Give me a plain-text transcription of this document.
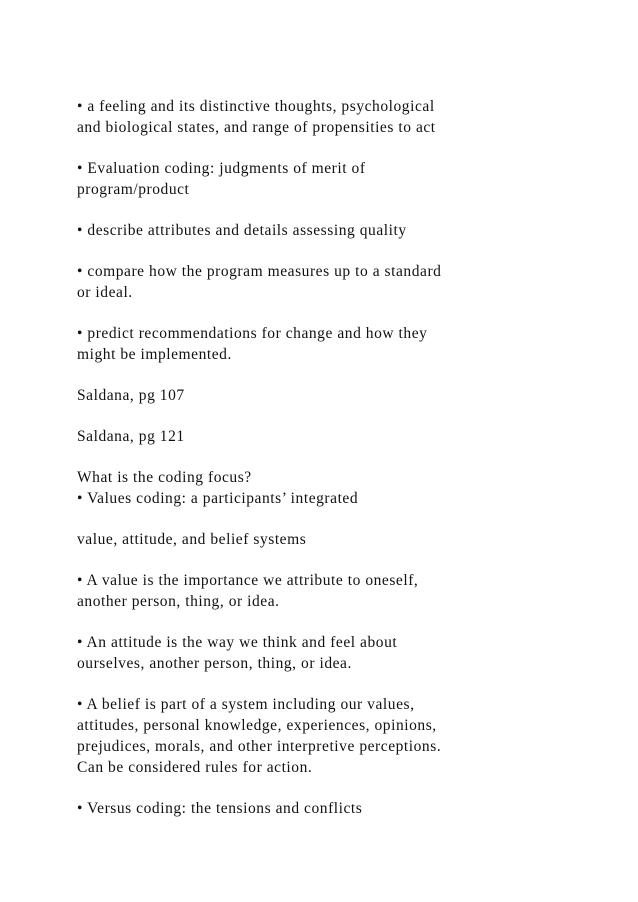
• a feeling and its distinctive thoughts, psychological
and biological states, and range of propensities to act

• Evaluation coding: judgments of merit of
program/product

• describe attributes and details assessing quality

• compare how the program measures up to a standard
or ideal.

• predict recommendations for change and how they
might be implemented.

Saldana, pg 107

Saldana, pg 121

What is the coding focus?
• Values coding: a participants’ integrated

value, attitude, and belief systems

• A value is the importance we attribute to oneself,
another person, thing, or idea.

• An attitude is the way we think and feel about
ourselves, another person, thing, or idea.

• A belief is part of a system including our values,
attitudes, personal knowledge, experiences, opinions,
prejudices, morals, and other interpretive perceptions.
Can be considered rules for action.

• Versus coding: the tensions and conflicts
